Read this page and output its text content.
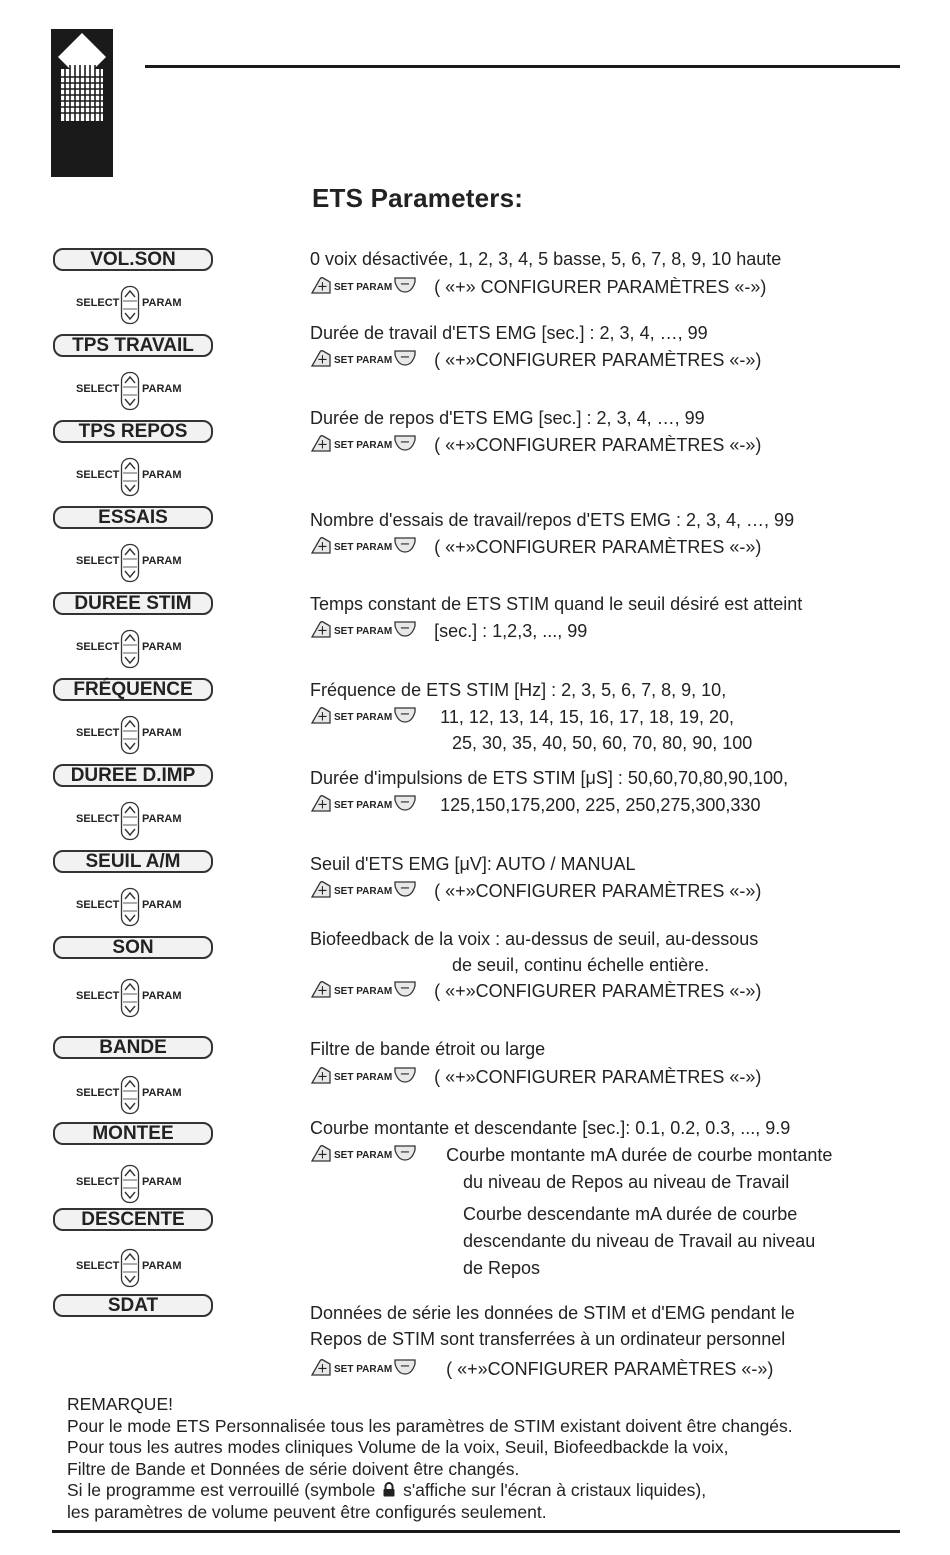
ETS Parameters:
VOL.SON
SELECT PARAM
0 voix désactivée, 1, 2, 3, 4, 5 basse, 5, 6, 7, 8, 9, 10 haute
+ SET PARAM − ( «+» CONFIGURER PARAMÈTRES «-»)
TPS TRAVAIL
SELECT PARAM
Durée de travail d'ETS EMG [sec.] : 2, 3, 4, …, 99
+ SET PARAM − ( «+»CONFIGURER PARAMÈTRES «-»)
TPS REPOS
SELECT PARAM
Durée de repos d'ETS EMG [sec.] : 2, 3, 4, …, 99
+ SET PARAM − ( «+»CONFIGURER PARAMÈTRES «-»)
ESSAIS
SELECT PARAM
Nombre d'essais de travail/repos d'ETS EMG : 2, 3, 4, …, 99
+ SET PARAM − ( «+»CONFIGURER PARAMÈTRES «-»)
DUREE STIM
SELECT PARAM
Temps constant de ETS STIM quand le seuil désiré est atteint
+ SET PARAM − [sec.] : 1,2,3, ..., 99
FRÉQUENCE
SELECT PARAM
Fréquence de ETS STIM [Hz] : 2, 3, 5, 6, 7, 8, 9, 10,
+ SET PARAM − 11, 12, 13, 14, 15, 16, 17, 18, 19, 20,
25, 30, 35, 40, 50, 60, 70, 80, 90, 100
DUREE D.IMP
SELECT PARAM
Durée d'impulsions de ETS STIM [μS] : 50,60,70,80,90,100,
+ SET PARAM − 125,150,175,200, 225, 250,275,300,330
SEUIL A/M
SELECT PARAM
Seuil d'ETS EMG [μV]: AUTO / MANUAL
+ SET PARAM − ( «+»CONFIGURER PARAMÈTRES «-»)
SON
SELECT PARAM
Biofeedback de la voix : au-dessus de seuil, au-dessous
de seuil, continu échelle entière.
+ SET PARAM − ( «+»CONFIGURER PARAMÈTRES «-»)
BANDE
SELECT PARAM
Filtre de bande étroit ou large
+ SET PARAM − ( «+»CONFIGURER PARAMÈTRES «-»)
MONTEE
SELECT PARAM
Courbe montante et descendante [sec.]: 0.1, 0.2, 0.3, ..., 9.9
+ SET PARAM − Courbe montante mA durée de courbe montante
du niveau de Repos au niveau de Travail
DESCENTE
SELECT PARAM
Courbe descendante mA durée de courbe
descendante du niveau de Travail au niveau
de Repos
SDAT	Données de série les données de STIM et d'EMG pendant le
Repos de STIM sont transferrées à un ordinateur personnel
+ SET PARAM − ( «+»CONFIGURER PARAMÈTRES «-»)
REMARQUE!
Pour le mode ETS Personnalisée tous les paramètres de STIM existant doivent être changés.
Pour tous les autres modes cliniques Volume de la voix, Seuil, Biofeedbackde la voix,
Filtre de Bande et Données de série doivent être changés.
Si le programme est verrouillé (symbole s'affiche sur l'écran à cristaux liquides),
les paramètres de volume peuvent être configurés seulement.
